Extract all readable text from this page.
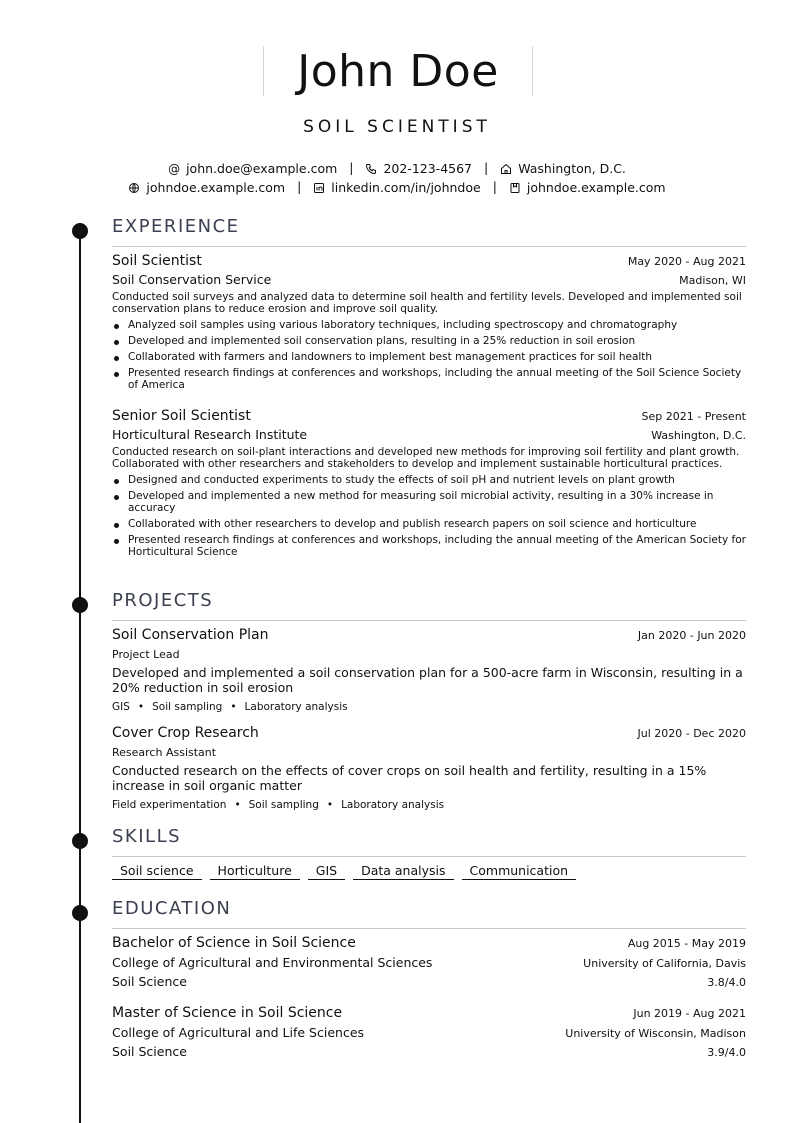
John Doe
SOIL SCIENTIST
@ john.doe@example.com | 202-123-4567 | Washington, D.C.
johndoe.example.com | linkedin.com/in/johndoe | johndoe.example.com
EXPERIENCE
Soil Scientist	May 2020 - Aug 2021
Soil Conservation Service	Madison, WI
Conducted soil surveys and analyzed data to determine soil health and fertility levels. Developed and implemented soil conservation plans to reduce erosion and improve soil quality.
Analyzed soil samples using various laboratory techniques, including spectroscopy and chromatography
Developed and implemented soil conservation plans, resulting in a 25% reduction in soil erosion
Collaborated with farmers and landowners to implement best management practices for soil health
Presented research findings at conferences and workshops, including the annual meeting of the Soil Science Society of America
Senior Soil Scientist	Sep 2021 - Present
Horticultural Research Institute	Washington, D.C.
Conducted research on soil-plant interactions and developed new methods for improving soil fertility and plant growth. Collaborated with other researchers and stakeholders to develop and implement sustainable horticultural practices.
Designed and conducted experiments to study the effects of soil pH and nutrient levels on plant growth
Developed and implemented a new method for measuring soil microbial activity, resulting in a 30% increase in accuracy
Collaborated with other researchers to develop and publish research papers on soil science and horticulture
Presented research findings at conferences and workshops, including the annual meeting of the American Society for Horticultural Science
PROJECTS
Soil Conservation Plan	Jan 2020 - Jun 2020
Project Lead
Developed and implemented a soil conservation plan for a 500-acre farm in Wisconsin, resulting in a 20% reduction in soil erosion
GIS • Soil sampling • Laboratory analysis
Cover Crop Research	Jul 2020 - Dec 2020
Research Assistant
Conducted research on the effects of cover crops on soil health and fertility, resulting in a 15% increase in soil organic matter
Field experimentation • Soil sampling • Laboratory analysis
SKILLS
Soil science	Horticulture	GIS	Data analysis	Communication
EDUCATION
Bachelor of Science in Soil Science	Aug 2015 - May 2019
College of Agricultural and Environmental Sciences	University of California, Davis
Soil Science	3.8/4.0
Master of Science in Soil Science	Jun 2019 - Aug 2021
College of Agricultural and Life Sciences	University of Wisconsin, Madison
Soil Science	3.9/4.0
